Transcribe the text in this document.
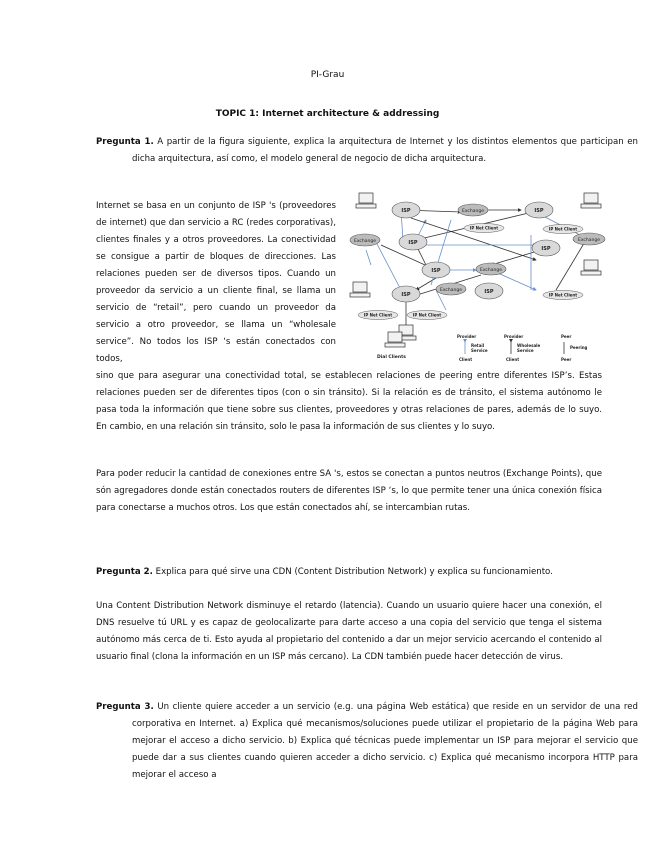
PI-Grau
TOPIC 1: Internet architecture & addressing
Pregunta 1. A partir de la figura siguiente, explica la arquitectura de Internet y los distintos elementos que participan en dicha arquitectura, así como, el modelo general de negocio de dicha arquitectura.
Internet se basa en un conjunto de ISP 's (proveedores de internet) que dan servicio a RC (redes corporativas), clientes finales y a otros proveedores. La conectividad se consigue a partir de bloques de direcciones. Las relaciones pueden ser de diversos tipos. Cuando un proveedor da servicio a un cliente final, se llama un servicio de “retail”, pero cuando un proveedor da servicio a otro proveedor, se llama un “wholesale service”. No todos los ISP ‘s están conectados con todos,
ISP	ISP
ISP
ISP
ISP
ISP	ISP
Exchange
Exchange	Exchange
Exchange
Exchange
IP Net Client	IP Net Client
IP Net Client
IP Net Client	IP Net Client
Dial Clients
Provider
Retail
Service
Client
Provider
Wholesale
Service
Client
Peer
Peering
Peer
sino que para asegurar una conectividad total, se establecen relaciones de peering entre diferentes ISP’s. Estas relaciones pueden ser de diferentes tipos (con o sin tránsito). Si la relación es de tránsito, el sistema autónomo le pasa toda la información que tiene sobre sus clientes, proveedores y otras relaciones de pares, además de lo suyo. En cambio, en una relación sin tránsito, solo le pasa la información de sus clientes y lo suyo.
Para poder reducir la cantidad de conexiones entre SA 's, estos se conectan a puntos neutros (Exchange Points), que són agregadores donde están conectados routers de diferentes ISP ‘s, lo que permite tener una única conexión física para conectarse a muchos otros. Los que están conectados ahí, se intercambian rutas.
Pregunta 2. Explica para qué sirve una CDN (Content Distribution Network) y explica su funcionamiento.
Una Content Distribution Network disminuye el retardo (latencia). Cuando un usuario quiere hacer una conexión, el DNS resuelve tú URL y es capaz de geolocalizarte para darte acceso a una copia del servicio que tenga el sistema autónomo más cerca de ti. Esto ayuda al propietario del contenido a dar un mejor servicio acercando el contenido al usuario final (clona la información en un ISP más cercano). La CDN también puede hacer detección de virus.
Pregunta 3. Un cliente quiere acceder a un servicio (e.g. una página Web estática) que reside en un servidor de una red corporativa en Internet. a) Explica qué mecanismos/soluciones puede utilizar el propietario de la página Web para mejorar el acceso a dicho servicio. b) Explica qué técnicas puede implementar un ISP para mejorar el servicio que puede dar a sus clientes cuando quieren acceder a dicho servicio. c) Explica qué mecanismo incorpora HTTP para mejorar el acceso a
